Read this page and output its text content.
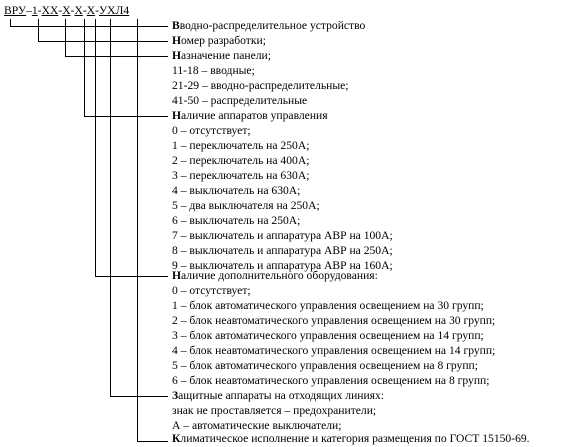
ВРУ–1-ХХ-Х-Х-Х-УХЛ4
Вводно-распределительное устройство
Номер разработки;
Назначение панели;
11-18 – вводные;
21-29 – вводно-распределительные;
41-50 – распределительные
Наличие аппаратов управления
0 – отсутствует;
1 – переключатель на 250А;
2 – переключатель на 400А;
3 – переключатель на 630А;
4 – выключатель на 630А;
5 – два выключателя на 250А;
6 – выключатель на 250А;
7 – выключатель и аппаратура АВР на 100А;
8 – выключатель и аппаратура АВР на 250А;
9 – выключатель и аппаратура АВР на 160А;
Наличие дополнительного оборудования:
0 – отсутствует;
1 – блок автоматического управления освещением на 30 групп;
2 – блок неавтоматического управления освещением на 30 групп;
3 – блок автоматического управления освещением на 14 групп;
4 – блок неавтоматического управления освещением на 14 групп;
5 – блок автоматического управления освещением на 8 групп;
6 – блок неавтоматического управления освещением на 8 групп;
Защитные аппараты на отходящих линиях:
знак не проставляется – предохранители;
А – автоматические выключатели;
Климатическое исполнение и категория размещения по ГОСТ 15150-69.
